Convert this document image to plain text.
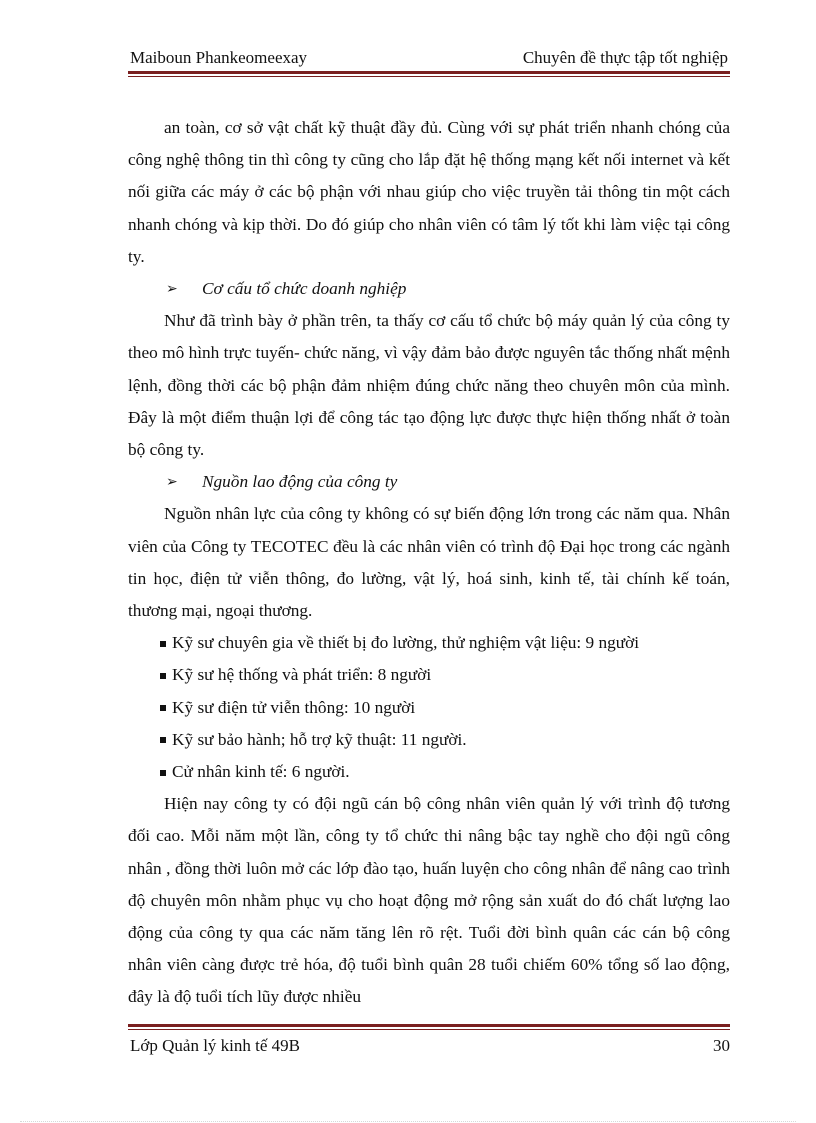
Maiboun Phankeomeexay	Chuyên đề thực tập tốt nghiệp

an toàn, cơ sở vật chất kỹ thuật đầy đủ. Cùng với sự phát triển nhanh chóng của công nghệ thông tin thì công ty cũng cho lắp đặt hệ thống mạng kết nối internet và kết nối giữa các máy ở các bộ phận với nhau giúp cho việc truyền tải thông tin một cách nhanh chóng và kịp thời. Do đó giúp cho nhân viên có tâm lý tốt khi làm việc tại công ty.

➢	Cơ cấu tổ chức doanh nghiệp

Như đã trình bày ở phần trên, ta thấy cơ cấu tổ chức bộ máy quản lý của công ty theo mô hình trực tuyến- chức năng, vì vậy đảm bảo được nguyên tắc thống nhất mệnh lệnh, đồng thời các bộ phận đảm nhiệm đúng chức năng theo chuyên môn của mình. Đây là một điểm thuận lợi để công tác tạo động lực được thực hiện thống nhất ở toàn bộ công ty.

➢	Nguồn lao động của công ty

Nguồn nhân lực của công ty không có sự biến động lớn trong các năm qua. Nhân viên của Công ty TECOTEC đều là các nhân viên có trình độ Đại học trong các ngành tin học, điện tử viễn thông, đo lường, vật lý, hoá sinh, kinh tế, tài chính kế toán, thương mại, ngoại thương.

Kỹ sư chuyên gia về thiết bị đo lường, thử nghiệm vật liệu: 9 người
Kỹ sư hệ thống và phát triển: 8 người
Kỹ sư điện tử viễn thông: 10 người
Kỹ sư bảo hành; hỗ trợ kỹ thuật: 11 người.
Cử nhân kinh tế: 6 người.

Hiện nay công ty có đội ngũ cán bộ công nhân viên quản lý với trình độ tương đối cao. Mỗi năm một lần, công ty tổ chức thi nâng bậc tay nghề cho đội ngũ công nhân , đồng thời luôn mở các lớp đào tạo, huấn luyện cho công nhân để nâng cao trình độ chuyên môn nhằm phục vụ cho hoạt động mở rộng sản xuất do đó chất lượng lao động của công ty qua các năm tăng lên rõ rệt. Tuổi đời bình quân các cán bộ công nhân viên càng được trẻ hóa, độ tuổi bình quân 28 tuổi chiếm 60% tổng số lao động, đây là độ tuổi tích lũy được nhiều

Lớp Quản lý kinh tế 49B	30
